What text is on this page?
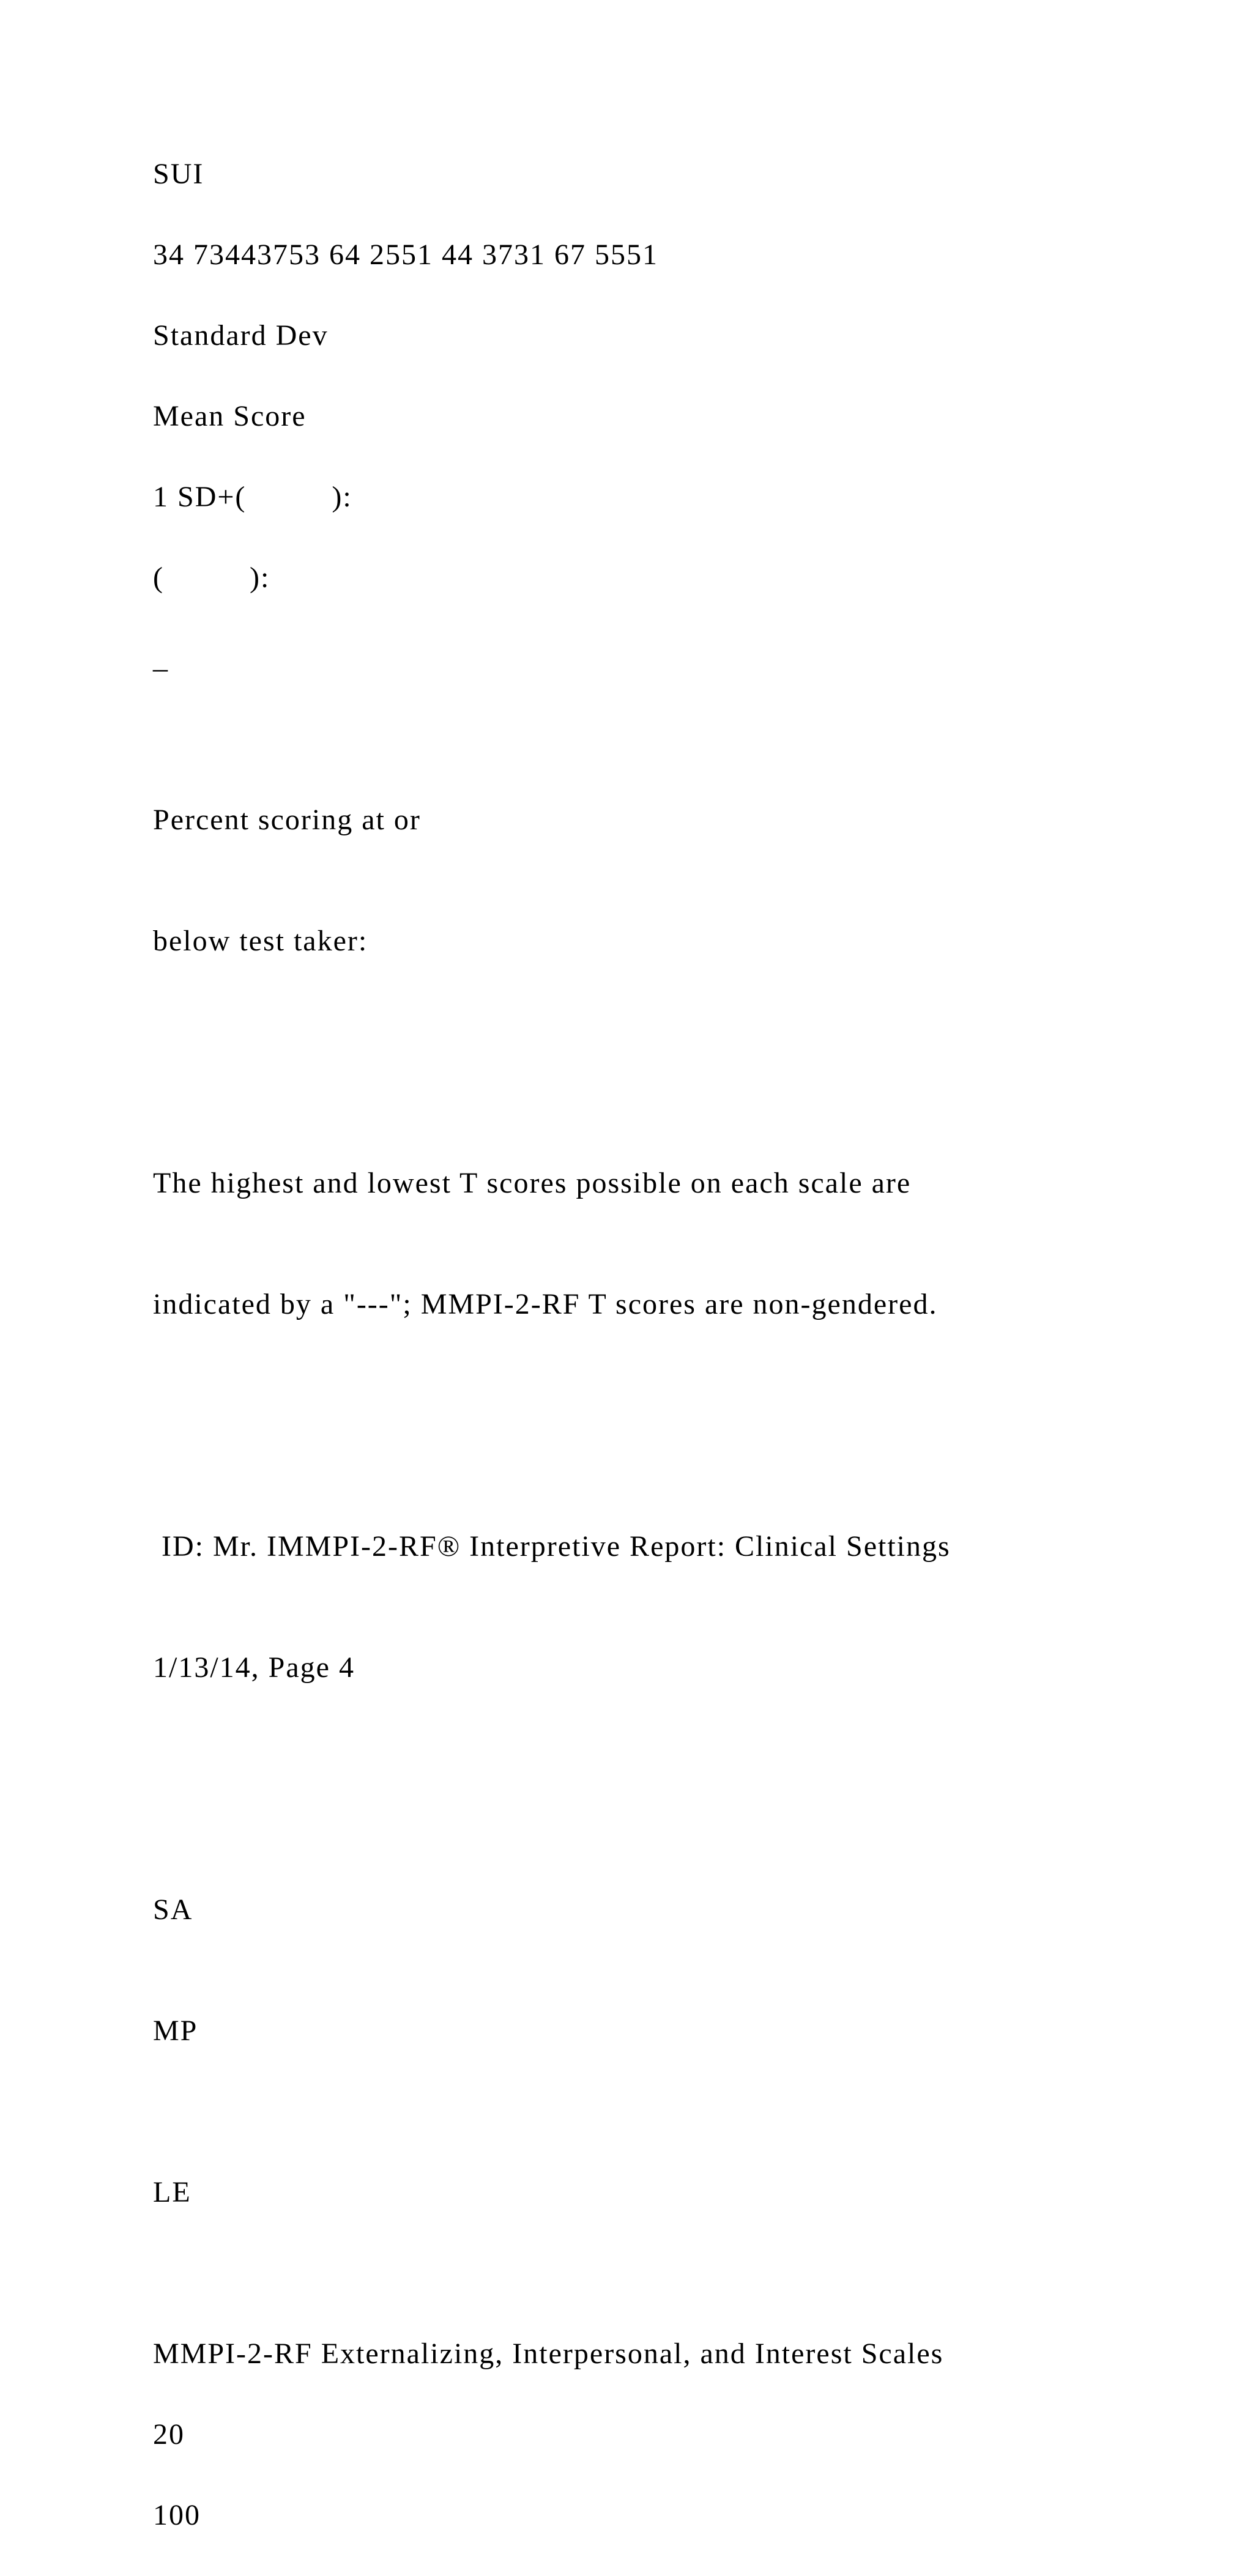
SUI
34 73443753 64 2551 44 3731 67 5551
Standard Dev
Mean Score
1 SD+(          ):
(          ):
_

Percent scoring at or

below test taker:

The highest and lowest T scores possible on each scale are

indicated by a "---"; MMPI-2-RF T scores are non-gendered.

ID: Mr. IMMPI-2-RF® Interpretive Report: Clinical Settings

1/13/14, Page 4

SA

MP

LE
MMPI-2-RF Externalizing, Interpersonal, and Interest Scales
20
100
